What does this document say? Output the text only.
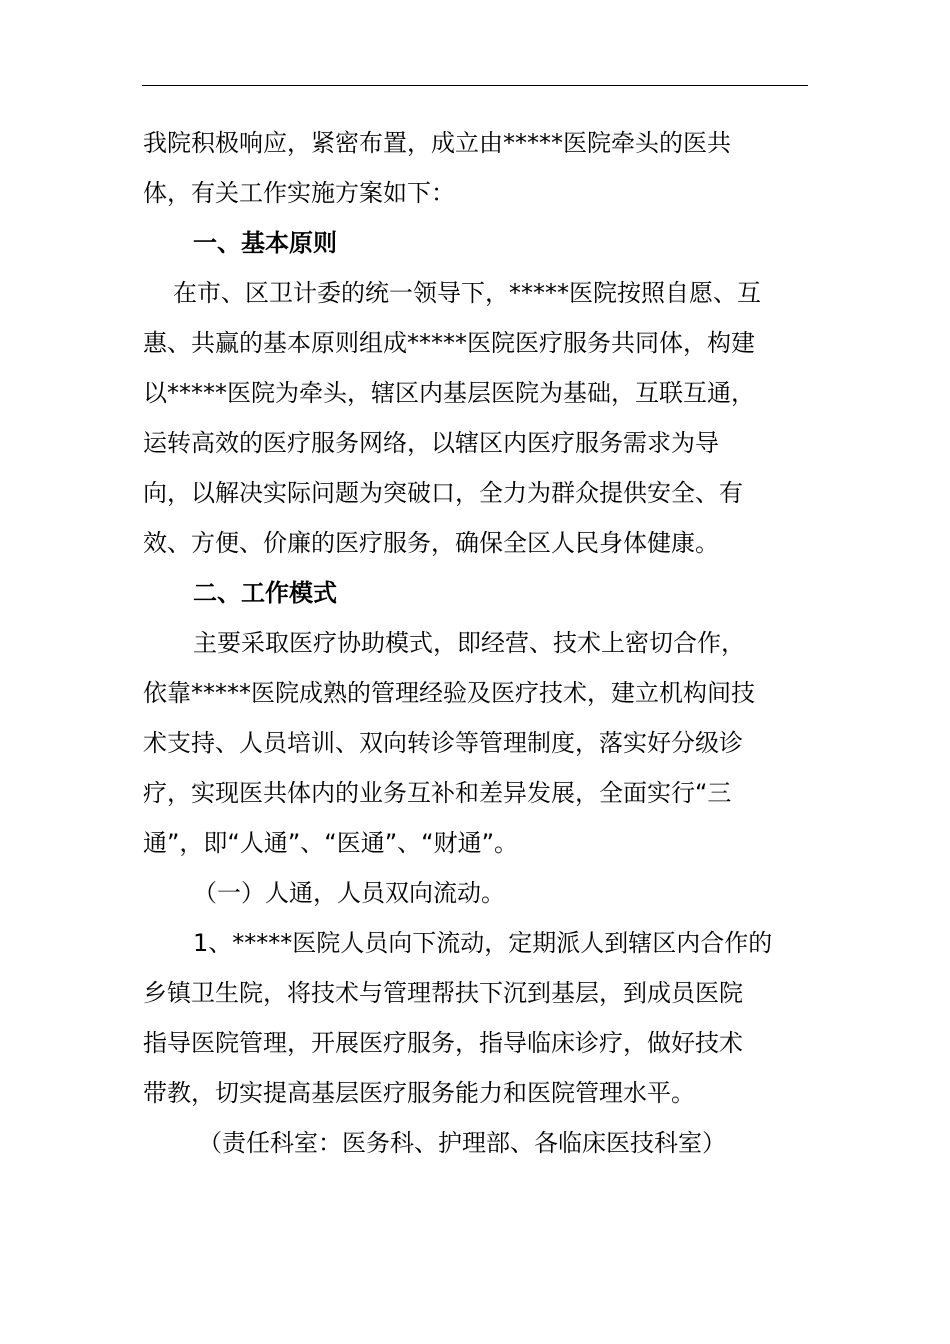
我院积极响应，紧密布置，成立由*****医院牵头的医共
体，有关工作实施方案如下：
一、基本原则
在市、区卫计委的统一领导下，*****医院按照自愿、互
惠、共赢的基本原则组成*****医院医疗服务共同体，构建
以*****医院为牵头，辖区内基层医院为基础，互联互通，
运转高效的医疗服务网络，以辖区内医疗服务需求为导
向，以解决实际问题为突破口，全力为群众提供安全、有
效、方便、价廉的医疗服务，确保全区人民身体健康。
二、工作模式
主要采取医疗协助模式，即经营、技术上密切合作，
依靠*****医院成熟的管理经验及医疗技术，建立机构间技
术支持、人员培训、双向转诊等管理制度，落实好分级诊
疗，实现医共体内的业务互补和差异发展，全面实行“三
通”，即“人通”、“医通”、“财通”。
（一）人通，人员双向流动。
1、*****医院人员向下流动，定期派人到辖区内合作的
乡镇卫生院，将技术与管理帮扶下沉到基层，到成员医院
指导医院管理，开展医疗服务，指导临床诊疗，做好技术
带教，切实提高基层医疗服务能力和医院管理水平。
（责任科室：医务科、护理部、各临床医技科室）
